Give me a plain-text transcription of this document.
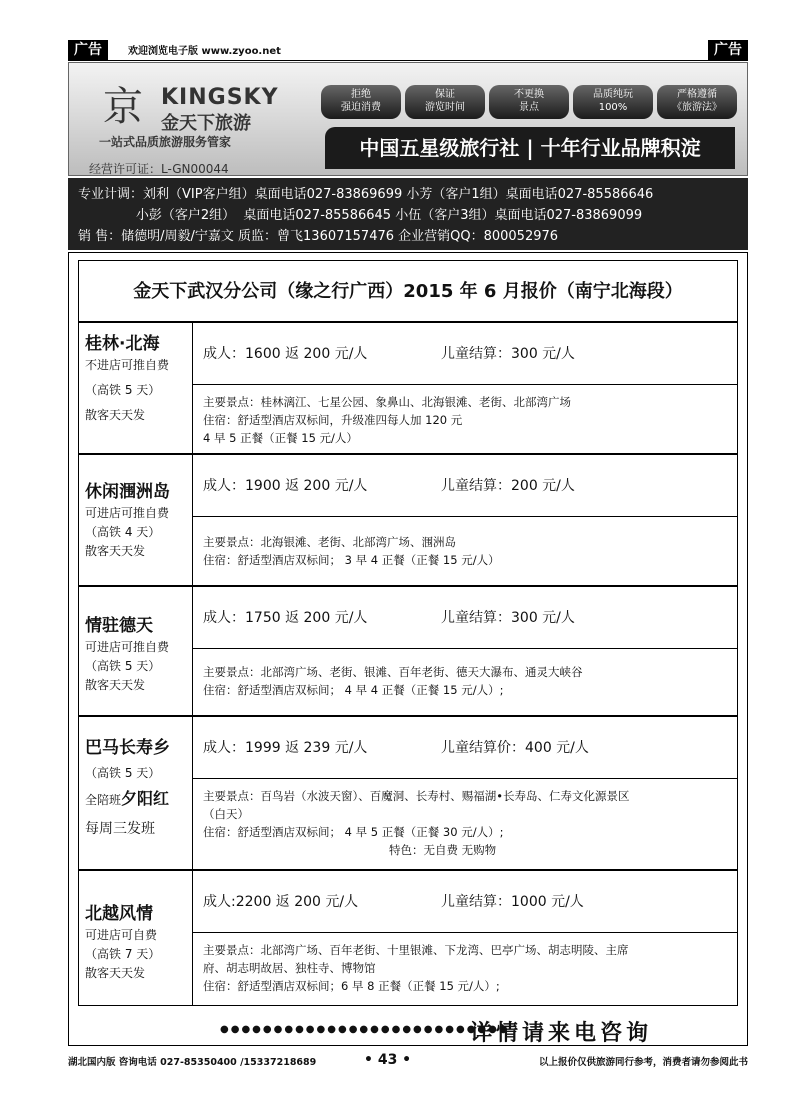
广告	欢迎浏览电子版 www.zyoo.net	广告
京 KINGSKY
金天下旅游
一站式品质旅游服务管家
经营许可证：L-GN00044
拒绝
强迫消费
保证
游览时间
不更换
景点
品质纯玩
100%
严格遵循
《旅游法》
中国五星级旅行社 | 十年行业品牌积淀
专业计调：刘利（VIP客户组）桌面电话027-83869699 小芳（客户1组）桌面电话027-85586646
小彭（客户2组）  桌面电话027-85586645 小伍（客户3组）桌面电话027-83869099
销 售：储德明/周毅/宁嘉文 质监：曾飞13607157476 企业营销QQ：800052976
金天下武汉分公司（缘之行广西）2015 年 6 月报价（南宁北海段）
桂林·北海
不进店可推自费
（高铁 5 天）
散客天天发
成人：1600 返 200 元/人	儿童结算：300 元/人
主要景点：桂林漓江、七星公园、象鼻山、北海银滩、老街、北部湾广场
住宿：舒适型酒店双标间，升级准四每人加 120 元
4 早 5 正餐（正餐 15 元/人）
休闲涠洲岛
可进店可推自费
（高铁 4 天）
散客天天发
成人：1900 返 200 元/人	儿童结算：200 元/人
主要景点：北海银滩、老街、北部湾广场、涠洲岛
住宿：舒适型酒店双标间； 3 早 4 正餐（正餐 15 元/人）
情驻德天
可进店可推自费
（高铁 5 天）
散客天天发
成人：1750 返 200 元/人	儿童结算：300 元/人
主要景点：北部湾广场、老街、银滩、百年老街、德天大瀑布、通灵大峡谷
住宿：舒适型酒店双标间； 4 早 4 正餐（正餐 15 元/人）;
巴马长寿乡
（高铁 5 天）
全陪班夕阳红
每周三发班
成人：1999 返 239 元/人	儿童结算价：400 元/人
主要景点：百鸟岩（水波天窗）、百魔洞、长寿村、赐福湖•长寿岛、仁寿文化源景区
（白天）
住宿：舒适型酒店双标间； 4 早 5 正餐（正餐 30 元/人）;
特色：无自费 无购物
北越风情
可进店可自费
（高铁 7 天）
散客天天发
成人:2200 返 200 元/人	儿童结算：1000 元/人
主要景点：北部湾广场、百年老街、十里银滩、下龙湾、巴亭广场、胡志明陵、主席
府、胡志明故居、独柱寺、博物馆
住宿：舒适型酒店双标间；6 早 8 正餐（正餐 15 元/人）;
●●●●●●●●●●●●●●●●●●●●●●●●●●●
详情请来电咨询
湖北国内版 咨询电话 027-85350400 /15337218689	• 43 •	以上报价仅供旅游同行参考，消费者请勿参阅此书
